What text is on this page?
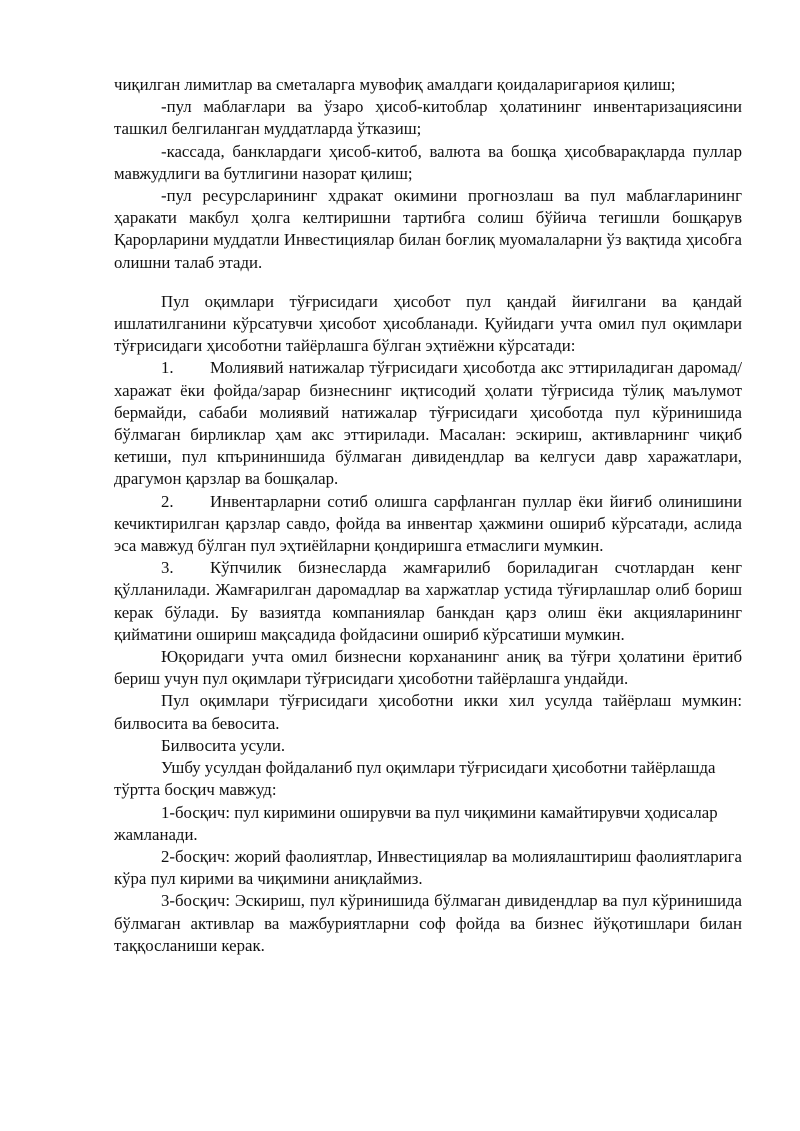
чиқилган лимитлар ва сметаларга мувофиқ амалдаги қоидаларигариоя қилиш;

-пул маблағлари ва ўзаро ҳисоб-китоблар ҳолатининг инвентаризациясини ташкил белгиланган муддатларда ўтказиш;

-кассада, банклардаги ҳисоб-китоб, валюта ва бошқа ҳисобварақларда пуллар мавжудлиги ва бутлигини назорат қилиш;

-пул ресурсларининг хдракат окимини прогнозлаш ва пул маблағларининг ҳаракати макбул ҳолга келтиришни тартибга солиш бўйича тегишли бошқарув Қарорларини муддатли Инвестициялар билан боғлиқ муомалаларни ўз вақтида ҳисобга олишни талаб этади.

Пул оқимлари тўғрисидаги ҳисобот пул қандай йиғилгани ва қандай ишлатилганини кўрсатувчи ҳисобот ҳисобланади. Қуйидаги учта омил пул оқимлари тўғрисидаги ҳисоботни тайёрлашга бўлган эҳтиёжни кўрсатади:

1. Молиявий натижалар тўғрисидаги ҳисоботда акс эттириладиган даромад/харажат ёки фойда/зарар бизнеснинг иқтисодий ҳолати тўғрисида тўлиқ маълумот бермайди, сабаби молиявий натижалар тўғрисидаги ҳисоботда пул кўринишида бўлмаган бирликлар ҳам акс эттирилади. Масалан: эскириш, активларнинг чиқиб кетиши, пул кпърининшида бўлмаган дивидендлар ва келгуси давр харажатлари, драгумон қарзлар ва бошқалар.

2. Инвентарларни сотиб олишга сарфланган пуллар ёки йиғиб олинишини кечиктирилган қарзлар савдо, фойда ва инвентар ҳажмини ошириб кўрсатади, аслида эса мавжуд бўлган пул эҳтиёйларни қондиришга етмаслиги мумкин.

3. Кўпчилик бизнесларда жамғарилиб бориладиган счотлардан кенг қўлланилади. Жамғарилган даромадлар ва харжатлар устида тўғирлашлар олиб бориш керак бўлади. Бу вазиятда компаниялар банкдан қарз олиш ёки акцияларининг қийматини ошириш мақсадида фойдасини ошириб кўрсатиши мумкин.

Юқоридаги учта омил бизнесни корхананинг аниқ ва тўғри ҳолатини ёритиб бериш учун пул оқимлари тўғрисидаги ҳисоботни тайёрлашга ундайди.

Пул оқимлари тўғрисидаги ҳисоботни икки хил усулда тайёрлаш мумкин: билвосита ва бевосита.

Билвосита усули.

Ушбу усулдан фойдаланиб пул оқимлари тўғрисидаги ҳисоботни тайёрлашда тўртта босқич мавжуд:

1-босқич: пул киримини оширувчи ва пул чиқимини камайтирувчи ҳодисалар жамланади.

2-босқич: жорий фаолиятлар, Инвестициялар ва молиялаштириш фаолиятларига кўра пул кирими ва чиқимини аниқлаймиз.

3-босқич: Эскириш, пул кўринишида бўлмаган дивидендлар ва пул кўринишида бўлмаган активлар ва мажбуриятларни соф фойда ва бизнес йўқотишлари билан таққосланиши керак.
